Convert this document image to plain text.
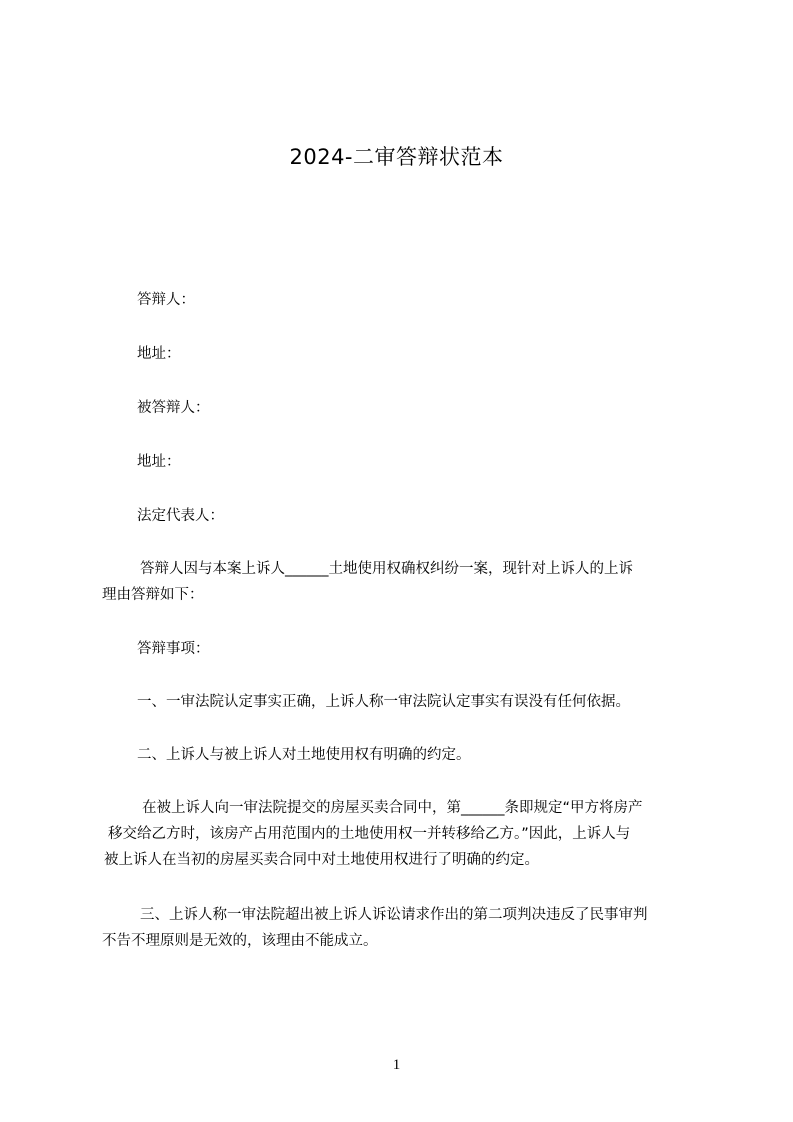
2024-二审答辩状范本
答辩人：
地址：
被答辩人：
地址：
法定代表人：
答辩人因与本案上诉人______土地使用权确权纠纷一案，现针对上诉人的上诉
理由答辩如下：
答辩事项：
一、一审法院认定事实正确，上诉人称一审法院认定事实有误没有任何依据。
二、上诉人与被上诉人对土地使用权有明确的约定。
在被上诉人向一审法院提交的房屋买卖合同中，第______条即规定“甲方将房产
移交给乙方时，该房产占用范围内的土地使用权一并转移给乙方。”因此，上诉人与
被上诉人在当初的房屋买卖合同中对土地使用权进行了明确的约定。
三、上诉人称一审法院超出被上诉人诉讼请求作出的第二项判决违反了民事审判
不告不理原则是无效的，该理由不能成立。
1
